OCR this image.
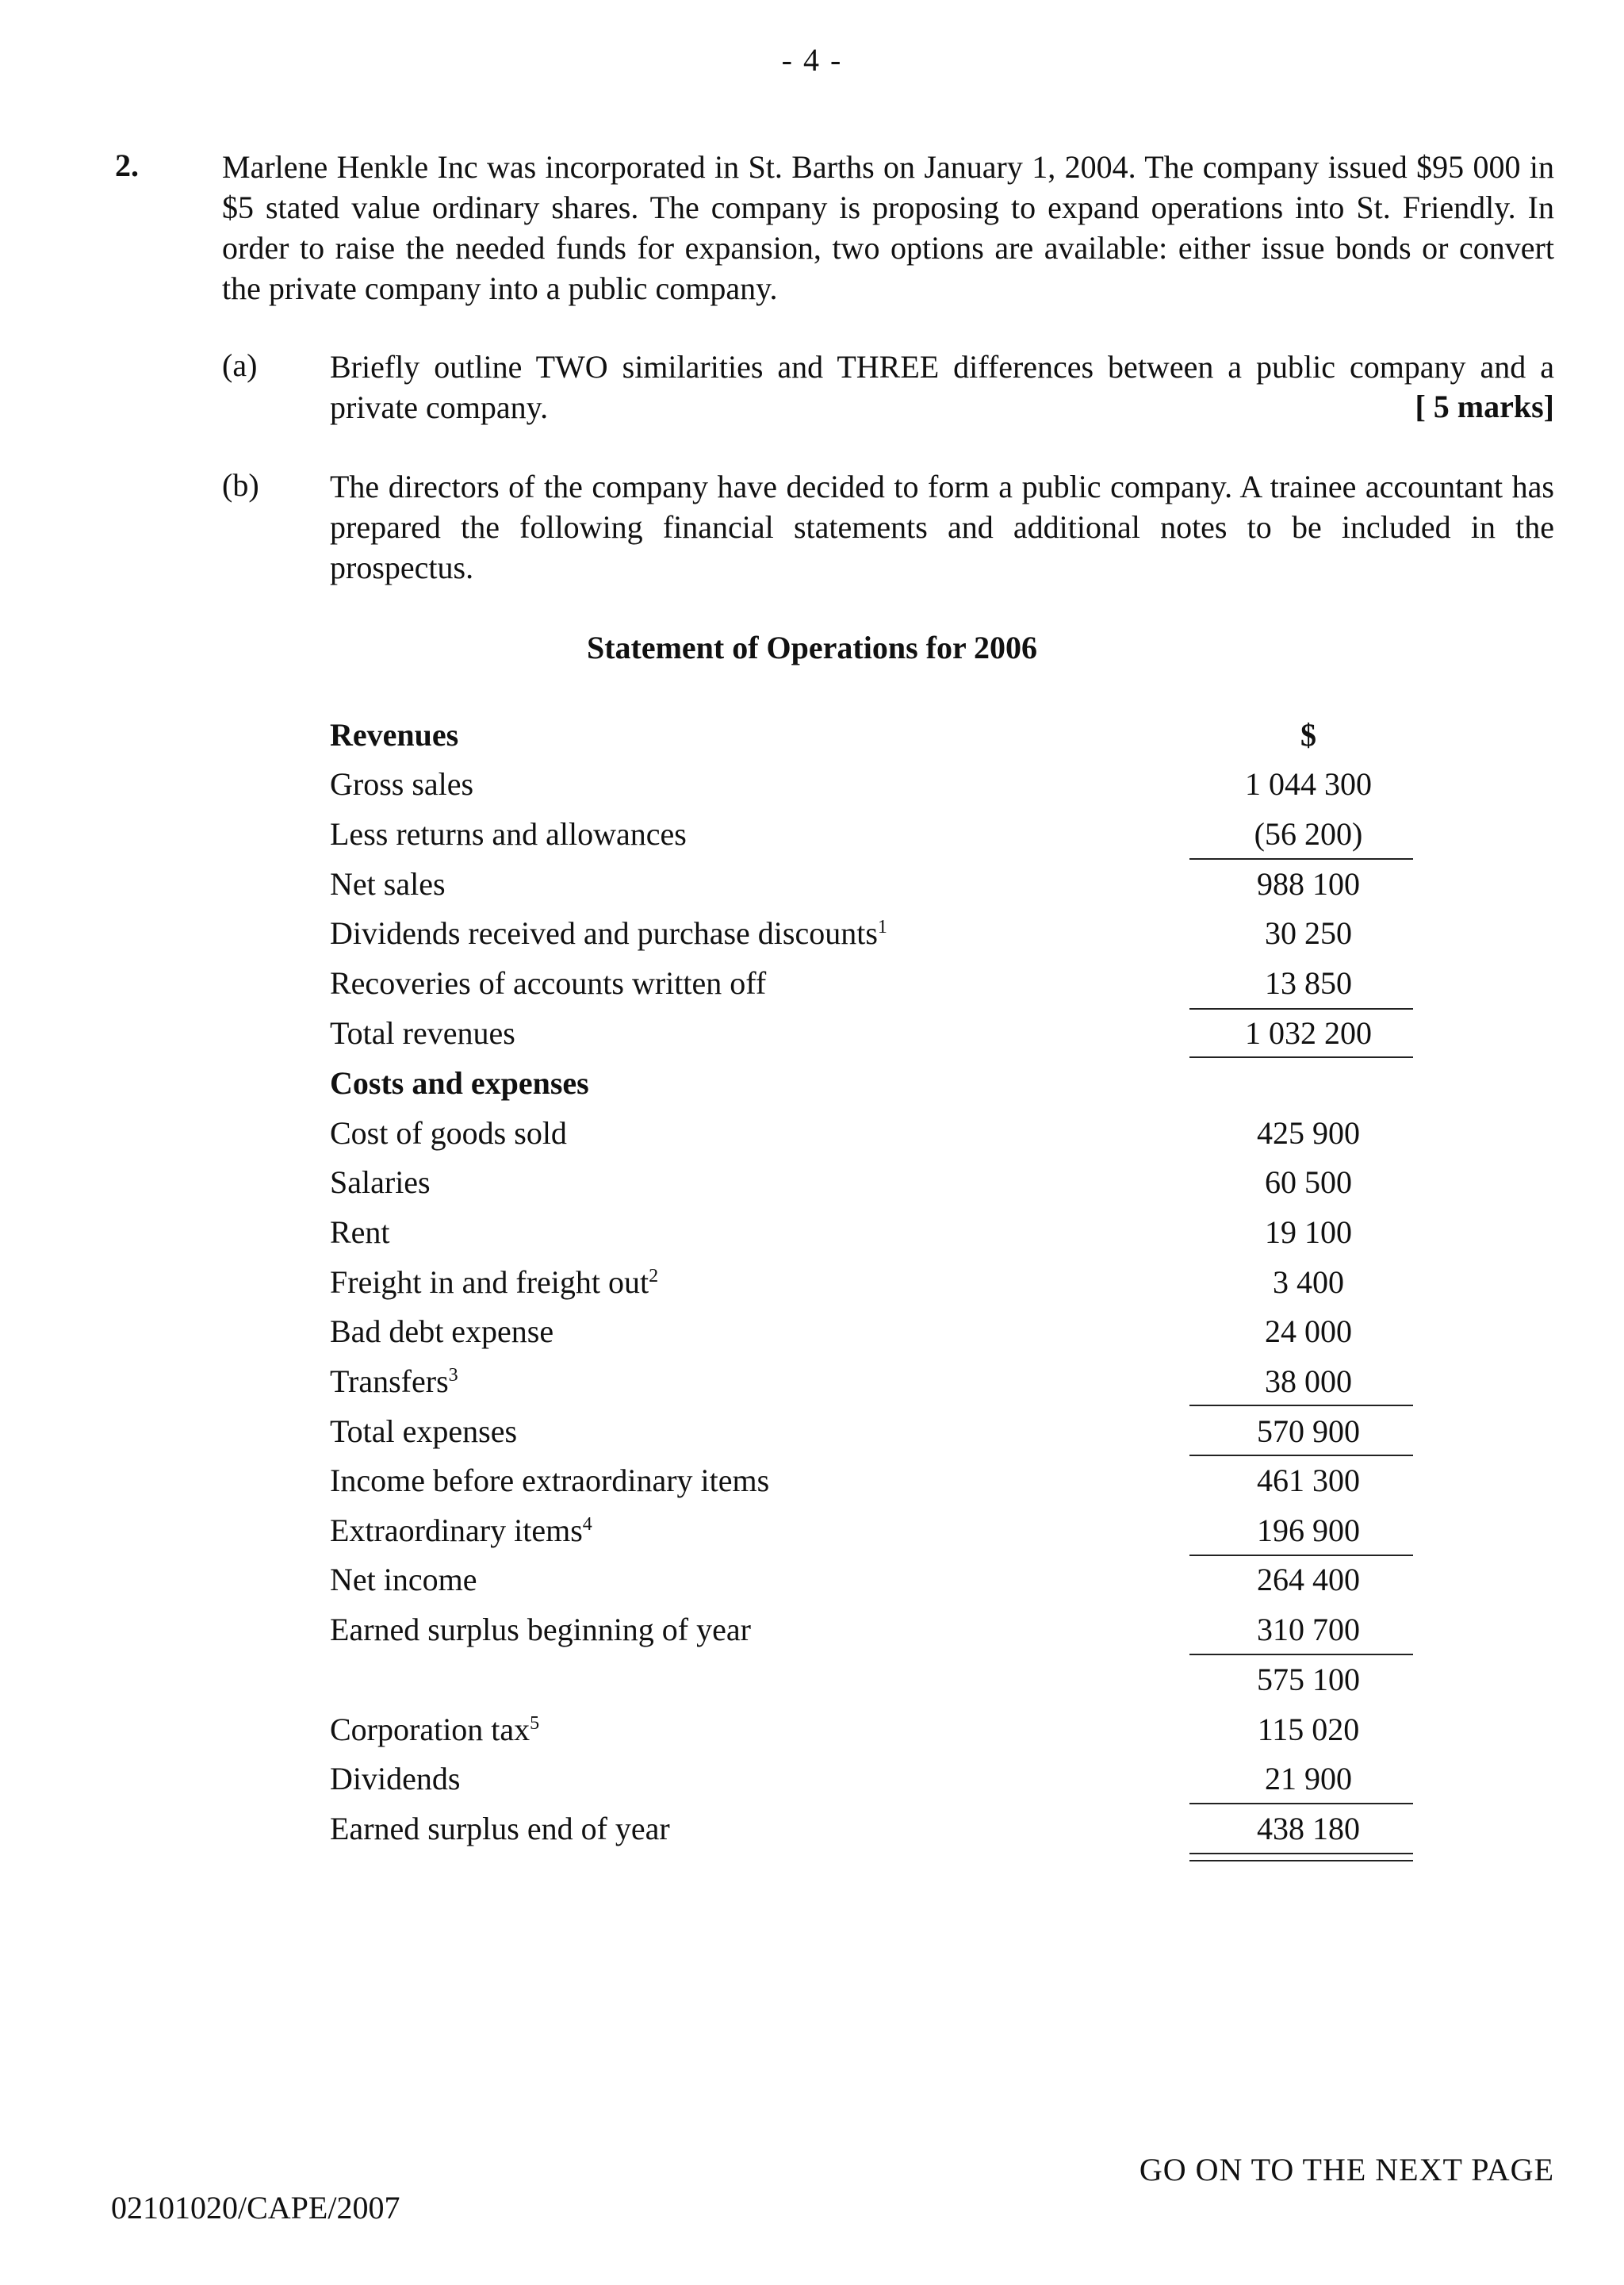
- 4 -
2.	Marlene Henkle Inc was incorporated in St. Barths on January 1, 2004. The company issued $95 000 in $5 stated value ordinary shares. The company is proposing to expand operations into St. Friendly. In order to raise the needed funds for expansion, two options are available: either issue bonds or convert the private company into a public company.
(a) Briefly outline TWO similarities and THREE differences between a public company and a private company.	[ 5 marks]
(b) The directors of the company have decided to form a public company. A trainee accountant has prepared the following financial statements and additional notes to be included in the prospectus.
Statement of Operations for 2006
Revenues	$
Gross sales	1 044 300
Less returns and allowances	(56 200)
Net sales	988 100
Dividends received and purchase discounts$^1$	30 250
Recoveries of accounts written off	13 850
Total revenues	1 032 200
Costs and expenses
Cost of goods sold	425 900
Salaries	60 500
Rent	19 100
Freight in and freight out$^2$	3 400
Bad debt expense	24 000
Transfers$^3$	38 000
Total expenses	570 900
Income before extraordinary items	461 300
Extraordinary items$^4$	196 900
Net income	264 400
Earned surplus beginning of year	310 700
575 100
Corporation tax$^5$	115 020
Dividends	21 900
Earned surplus end of year	438 180
GO ON TO THE NEXT PAGE
02101020/CAPE/2007
